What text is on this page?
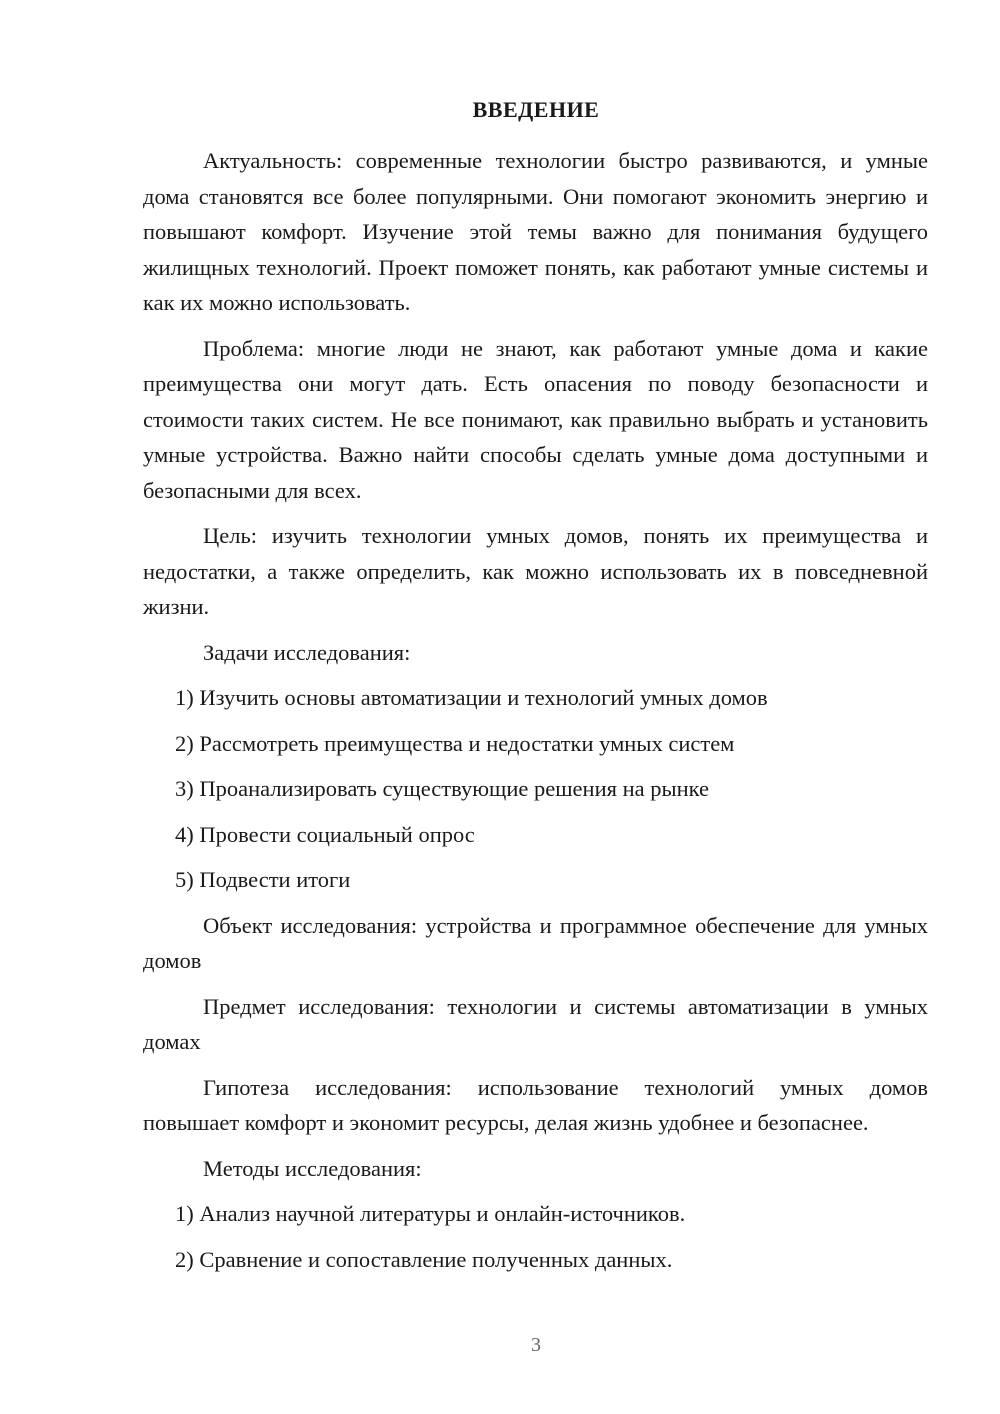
ВВЕДЕНИЕ

Актуальность: современные технологии быстро развиваются, и умные дома становятся все более популярными. Они помогают экономить энергию и повышают комфорт. Изучение этой темы важно для понимания будущего жилищных технологий. Проект поможет понять, как работают умные системы и как их можно использовать.

Проблема: многие люди не знают, как работают умные дома и какие преимущества они могут дать. Есть опасения по поводу безопасности и стоимости таких систем. Не все понимают, как правильно выбрать и установить умные устройства. Важно найти способы сделать умные дома доступными и безопасными для всех.

Цель: изучить технологии умных домов, понять их преимущества и недостатки, а также определить, как можно использовать их в повседневной жизни.

Задачи исследования:

1) Изучить основы автоматизации и технологий умных домов

2) Рассмотреть преимущества и недостатки умных систем

3) Проанализировать существующие решения на рынке

4) Провести социальный опрос

5) Подвести итоги

Объект исследования: устройства и программное обеспечение для умных домов

Предмет исследования: технологии и системы автоматизации в умных домах

Гипотеза исследования: использование технологий умных домов повышает комфорт и экономит ресурсы, делая жизнь удобнее и безопаснее.

Методы исследования:

1) Анализ научной литературы и онлайн-источников.

2) Сравнение и сопоставление полученных данных.

3
